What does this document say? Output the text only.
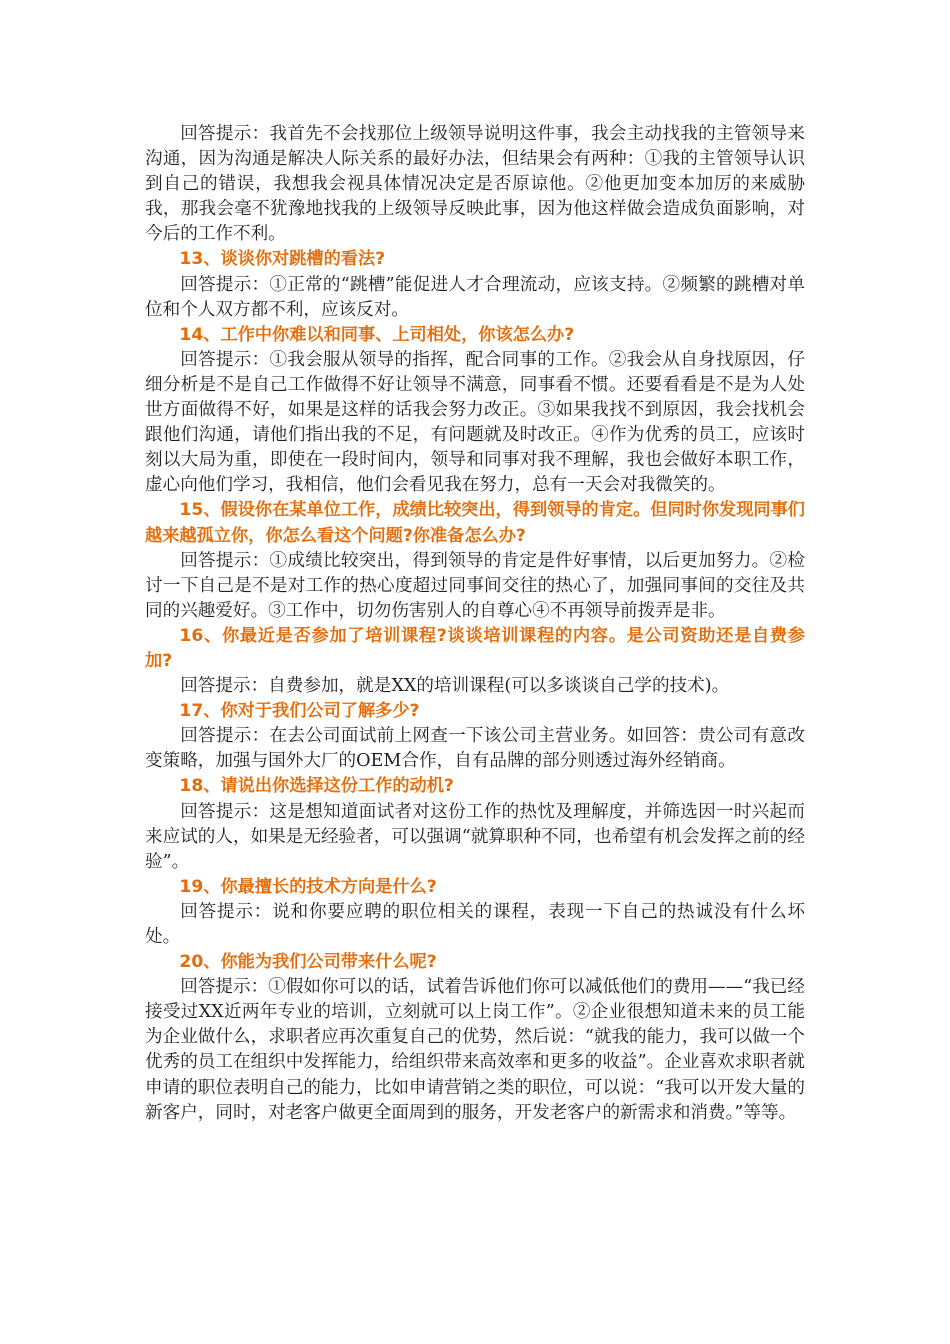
回答提示：我首先不会找那位上级领导说明这件事，我会主动找我的主管领导来沟通，因为沟通是解决人际关系的最好办法，但结果会有两种：①我的主管领导认识到自己的错误，我想我会视具体情况决定是否原谅他。②他更加变本加厉的来威胁我，那我会毫不犹豫地找我的上级领导反映此事，因为他这样做会造成负面影响，对今后的工作不利。

13、谈谈你对跳槽的看法?

回答提示：①正常的“跳槽”能促进人才合理流动，应该支持。②频繁的跳槽对单位和个人双方都不利，应该反对。

14、工作中你难以和同事、上司相处，你该怎么办?

回答提示：①我会服从领导的指挥，配合同事的工作。②我会从自身找原因，仔细分析是不是自己工作做得不好让领导不满意，同事看不惯。还要看看是不是为人处世方面做得不好，如果是这样的话我会努力改正。③如果我找不到原因，我会找机会跟他们沟通，请他们指出我的不足，有问题就及时改正。④作为优秀的员工，应该时刻以大局为重，即使在一段时间内，领导和同事对我不理解，我也会做好本职工作，虚心向他们学习，我相信，他们会看见我在努力，总有一天会对我微笑的。

15、假设你在某单位工作，成绩比较突出，得到领导的肯定。但同时你发现同事们越来越孤立你，你怎么看这个问题?你准备怎么办?

回答提示：①成绩比较突出，得到领导的肯定是件好事情，以后更加努力。②检讨一下自己是不是对工作的热心度超过同事间交往的热心了，加强同事间的交往及共同的兴趣爱好。③工作中，切勿伤害别人的自尊心④不再领导前拨弄是非。

16、你最近是否参加了培训课程?谈谈培训课程的内容。是公司资助还是自费参加?

回答提示：自费参加，就是XX的培训课程(可以多谈谈自己学的技术)。

17、你对于我们公司了解多少?

回答提示：在去公司面试前上网查一下该公司主营业务。如回答：贵公司有意改变策略，加强与国外大厂的OEM合作，自有品牌的部分则透过海外经销商。

18、请说出你选择这份工作的动机?

回答提示：这是想知道面试者对这份工作的热忱及理解度，并筛选因一时兴起而来应试的人，如果是无经验者，可以强调“就算职种不同，也希望有机会发挥之前的经验”。

19、你最擅长的技术方向是什么?

回答提示：说和你要应聘的职位相关的课程，表现一下自己的热诚没有什么坏处。

20、你能为我们公司带来什么呢?

回答提示：①假如你可以的话，试着告诉他们你可以减低他们的费用——“我已经接受过XX近两年专业的培训，立刻就可以上岗工作”。②企业很想知道未来的员工能为企业做什么，求职者应再次重复自己的优势，然后说：“就我的能力，我可以做一个优秀的员工在组织中发挥能力，给组织带来高效率和更多的收益”。企业喜欢求职者就申请的职位表明自己的能力，比如申请营销之类的职位，可以说：“我可以开发大量的新客户，同时，对老客户做更全面周到的服务，开发老客户的新需求和消费。”等等。
